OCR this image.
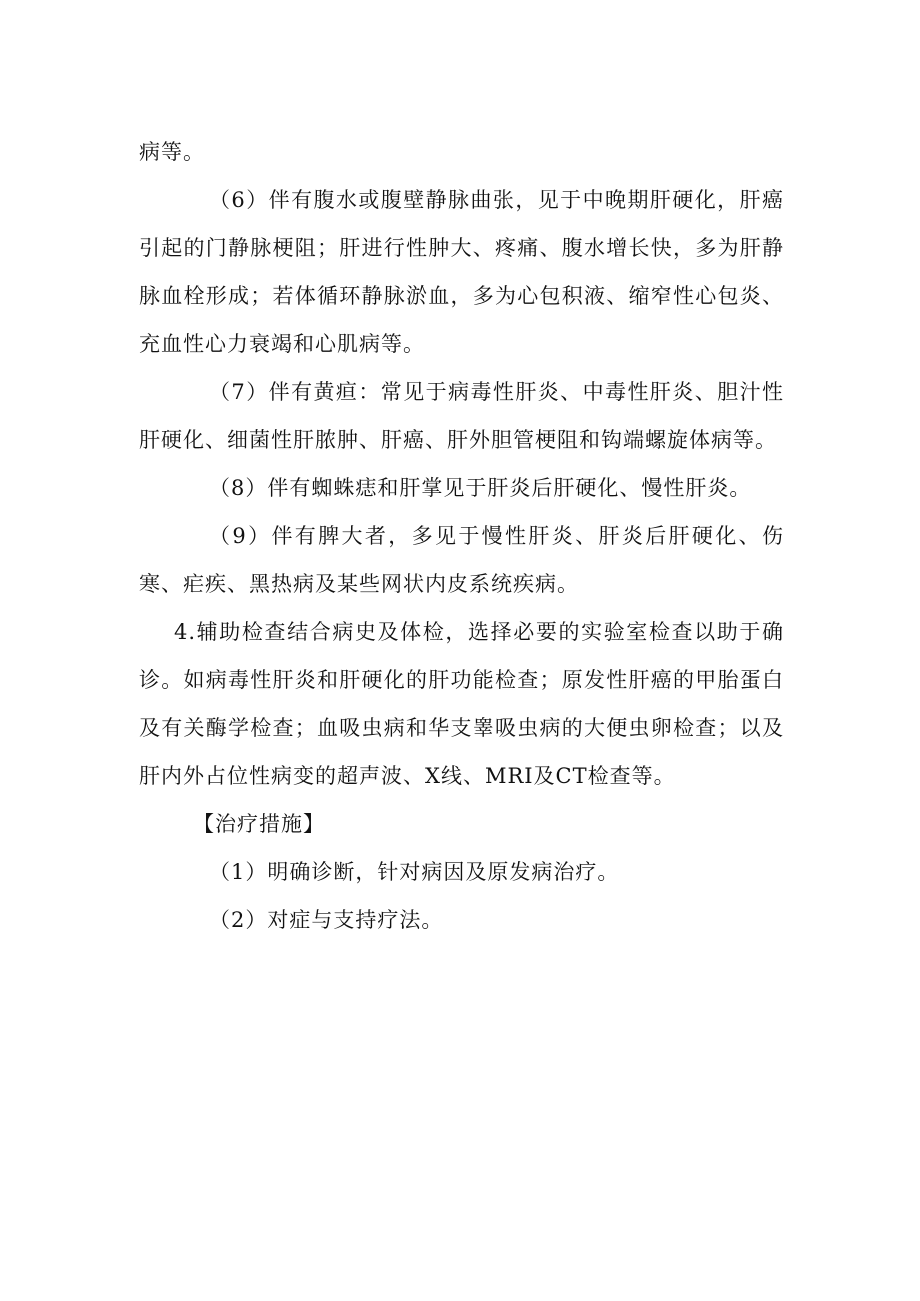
病等。

（6）伴有腹水或腹壁静脉曲张，见于中晚期肝硬化，肝癌引起的门静脉梗阻；肝进行性肿大、疼痛、腹水增长快，多为肝静脉血栓形成；若体循环静脉淤血，多为心包积液、缩窄性心包炎、充血性心力衰竭和心肌病等。

（7）伴有黄疸：常见于病毒性肝炎、中毒性肝炎、胆汁性肝硬化、细菌性肝脓肿、肝癌、肝外胆管梗阻和钩端螺旋体病等。

（8）伴有蜘蛛痣和肝掌见于肝炎后肝硬化、慢性肝炎。

（9）伴有脾大者，多见于慢性肝炎、肝炎后肝硬化、伤寒、疟疾、黑热病及某些网状内皮系统疾病。

4.辅助检查结合病史及体检，选择必要的实验室检查以助于确诊。如病毒性肝炎和肝硬化的肝功能检查；原发性肝癌的甲胎蛋白及有关酶学检查；血吸虫病和华支睾吸虫病的大便虫卵检查；以及肝内外占位性病变的超声波、X线、MRI及CT检查等。

【治疗措施】

（1）明确诊断，针对病因及原发病治疗。

（2）对症与支持疗法。
